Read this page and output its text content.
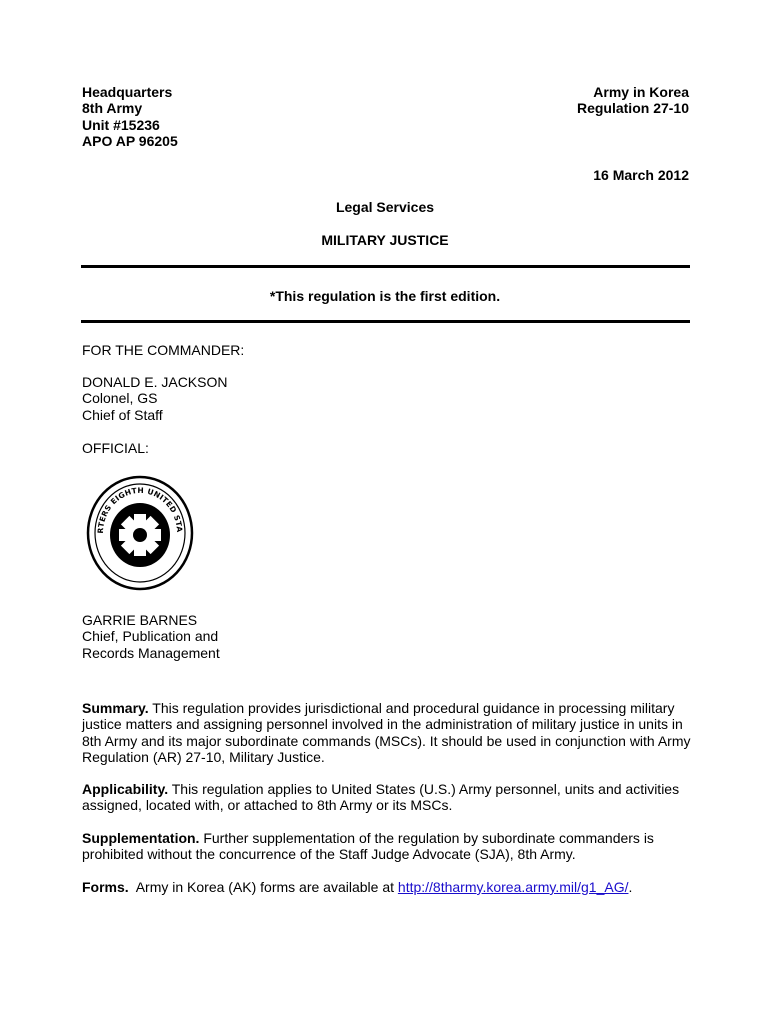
Headquarters
8th Army
Unit #15236
APO AP 96205
Army in Korea
Regulation 27-10
16 March 2012
Legal Services
MILITARY JUSTICE
*This regulation is the first edition.
FOR THE COMMANDER:
DONALD E. JACKSON
Colonel, GS
Chief of Staff
OFFICIAL:
RTERS EIGHTH UNITED STA
GARRIE BARNES
Chief, Publication and
Records Management
Summary. This regulation provides jurisdictional and procedural guidance in processing military
justice matters and assigning personnel involved in the administration of military justice in units in
8th Army and its major subordinate commands (MSCs). It should be used in conjunction with Army
Regulation (AR) 27-10, Military Justice.
Applicability. This regulation applies to United States (U.S.) Army personnel, units and activities
assigned, located with, or attached to 8th Army or its MSCs.
Supplementation. Further supplementation of the regulation by subordinate commanders is
prohibited without the concurrence of the Staff Judge Advocate (SJA), 8th Army.
Forms.  Army in Korea (AK) forms are available at http://8tharmy.korea.army.mil/g1_AG/.
